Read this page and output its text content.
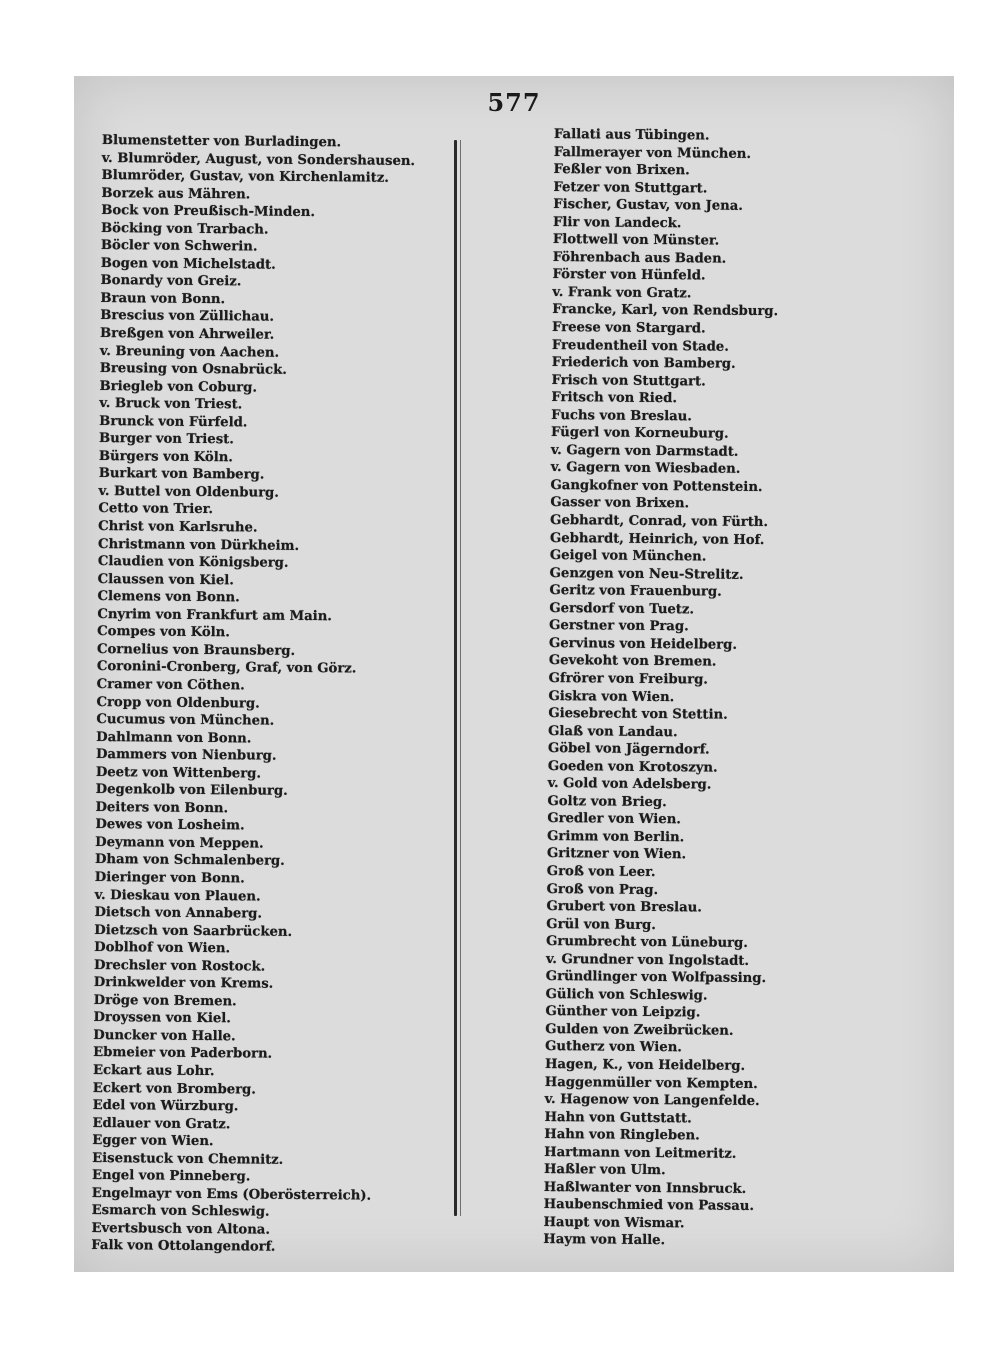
577
Blumenstetter von Burladingen.
v. Blumröder, August, von Sondershausen.
Blumröder, Gustav, von Kirchenlamitz.
Borzek aus Mähren.
Bock von Preußisch-Minden.
Böcking von Trarbach.
Böcler von Schwerin.
Bogen von Michelstadt.
Bonardy von Greiz.
Braun von Bonn.
Brescius von Züllichau.
Breßgen von Ahrweiler.
v. Breuning von Aachen.
Breusing von Osnabrück.
Briegleb von Coburg.
v. Bruck von Triest.
Brunck von Fürfeld.
Burger von Triest.
Bürgers von Köln.
Burkart von Bamberg.
v. Buttel von Oldenburg.
Cetto von Trier.
Christ von Karlsruhe.
Christmann von Dürkheim.
Claudien von Königsberg.
Claussen von Kiel.
Clemens von Bonn.
Cnyrim von Frankfurt am Main.
Compes von Köln.
Cornelius von Braunsberg.
Coronini-Cronberg, Graf, von Görz.
Cramer von Cöthen.
Cropp von Oldenburg.
Cucumus von München.
Dahlmann von Bonn.
Dammers von Nienburg.
Deetz von Wittenberg.
Degenkolb von Eilenburg.
Deiters von Bonn.
Dewes von Losheim.
Deymann von Meppen.
Dham von Schmalenberg.
Dieringer von Bonn.
v. Dieskau von Plauen.
Dietsch von Annaberg.
Dietzsch von Saarbrücken.
Doblhof von Wien.
Drechsler von Rostock.
Drinkwelder von Krems.
Dröge von Bremen.
Droyssen von Kiel.
Duncker von Halle.
Ebmeier von Paderborn.
Eckart aus Lohr.
Eckert von Bromberg.
Edel von Würzburg.
Edlauer von Gratz.
Egger von Wien.
Eisenstuck von Chemnitz.
Engel von Pinneberg.
Engelmayr von Ems (Oberösterreich).
Esmarch von Schleswig.
Evertsbusch von Altona.
Falk von Ottolangendorf.
Fallati aus Tübingen.
Fallmerayer von München.
Feßler von Brixen.
Fetzer von Stuttgart.
Fischer, Gustav, von Jena.
Flir von Landeck.
Flottwell von Münster.
Föhrenbach aus Baden.
Förster von Hünfeld.
v. Frank von Gratz.
Francke, Karl, von Rendsburg.
Freese von Stargard.
Freudentheil von Stade.
Friederich von Bamberg.
Frisch von Stuttgart.
Fritsch von Ried.
Fuchs von Breslau.
Fügerl von Korneuburg.
v. Gagern von Darmstadt.
v. Gagern von Wiesbaden.
Gangkofner von Pottenstein.
Gasser von Brixen.
Gebhardt, Conrad, von Fürth.
Gebhardt, Heinrich, von Hof.
Geigel von München.
Genzgen von Neu-Strelitz.
Geritz von Frauenburg.
Gersdorf von Tuetz.
Gerstner von Prag.
Gervinus von Heidelberg.
Gevekoht von Bremen.
Gfrörer von Freiburg.
Giskra von Wien.
Giesebrecht von Stettin.
Glaß von Landau.
Göbel von Jägerndorf.
Goeden von Krotoszyn.
v. Gold von Adelsberg.
Goltz von Brieg.
Gredler von Wien.
Grimm von Berlin.
Gritzner von Wien.
Groß von Leer.
Groß von Prag.
Grubert von Breslau.
Grül von Burg.
Grumbrecht von Lüneburg.
v. Grundner von Ingolstadt.
Gründlinger von Wolfpassing.
Gülich von Schleswig.
Günther von Leipzig.
Gulden von Zweibrücken.
Gutherz von Wien.
Hagen, K., von Heidelberg.
Haggenmüller von Kempten.
v. Hagenow von Langenfelde.
Hahn von Guttstatt.
Hahn von Ringleben.
Hartmann von Leitmeritz.
Haßler von Ulm.
Haßlwanter von Innsbruck.
Haubenschmied von Passau.
Haupt von Wismar.
Haym von Halle.
